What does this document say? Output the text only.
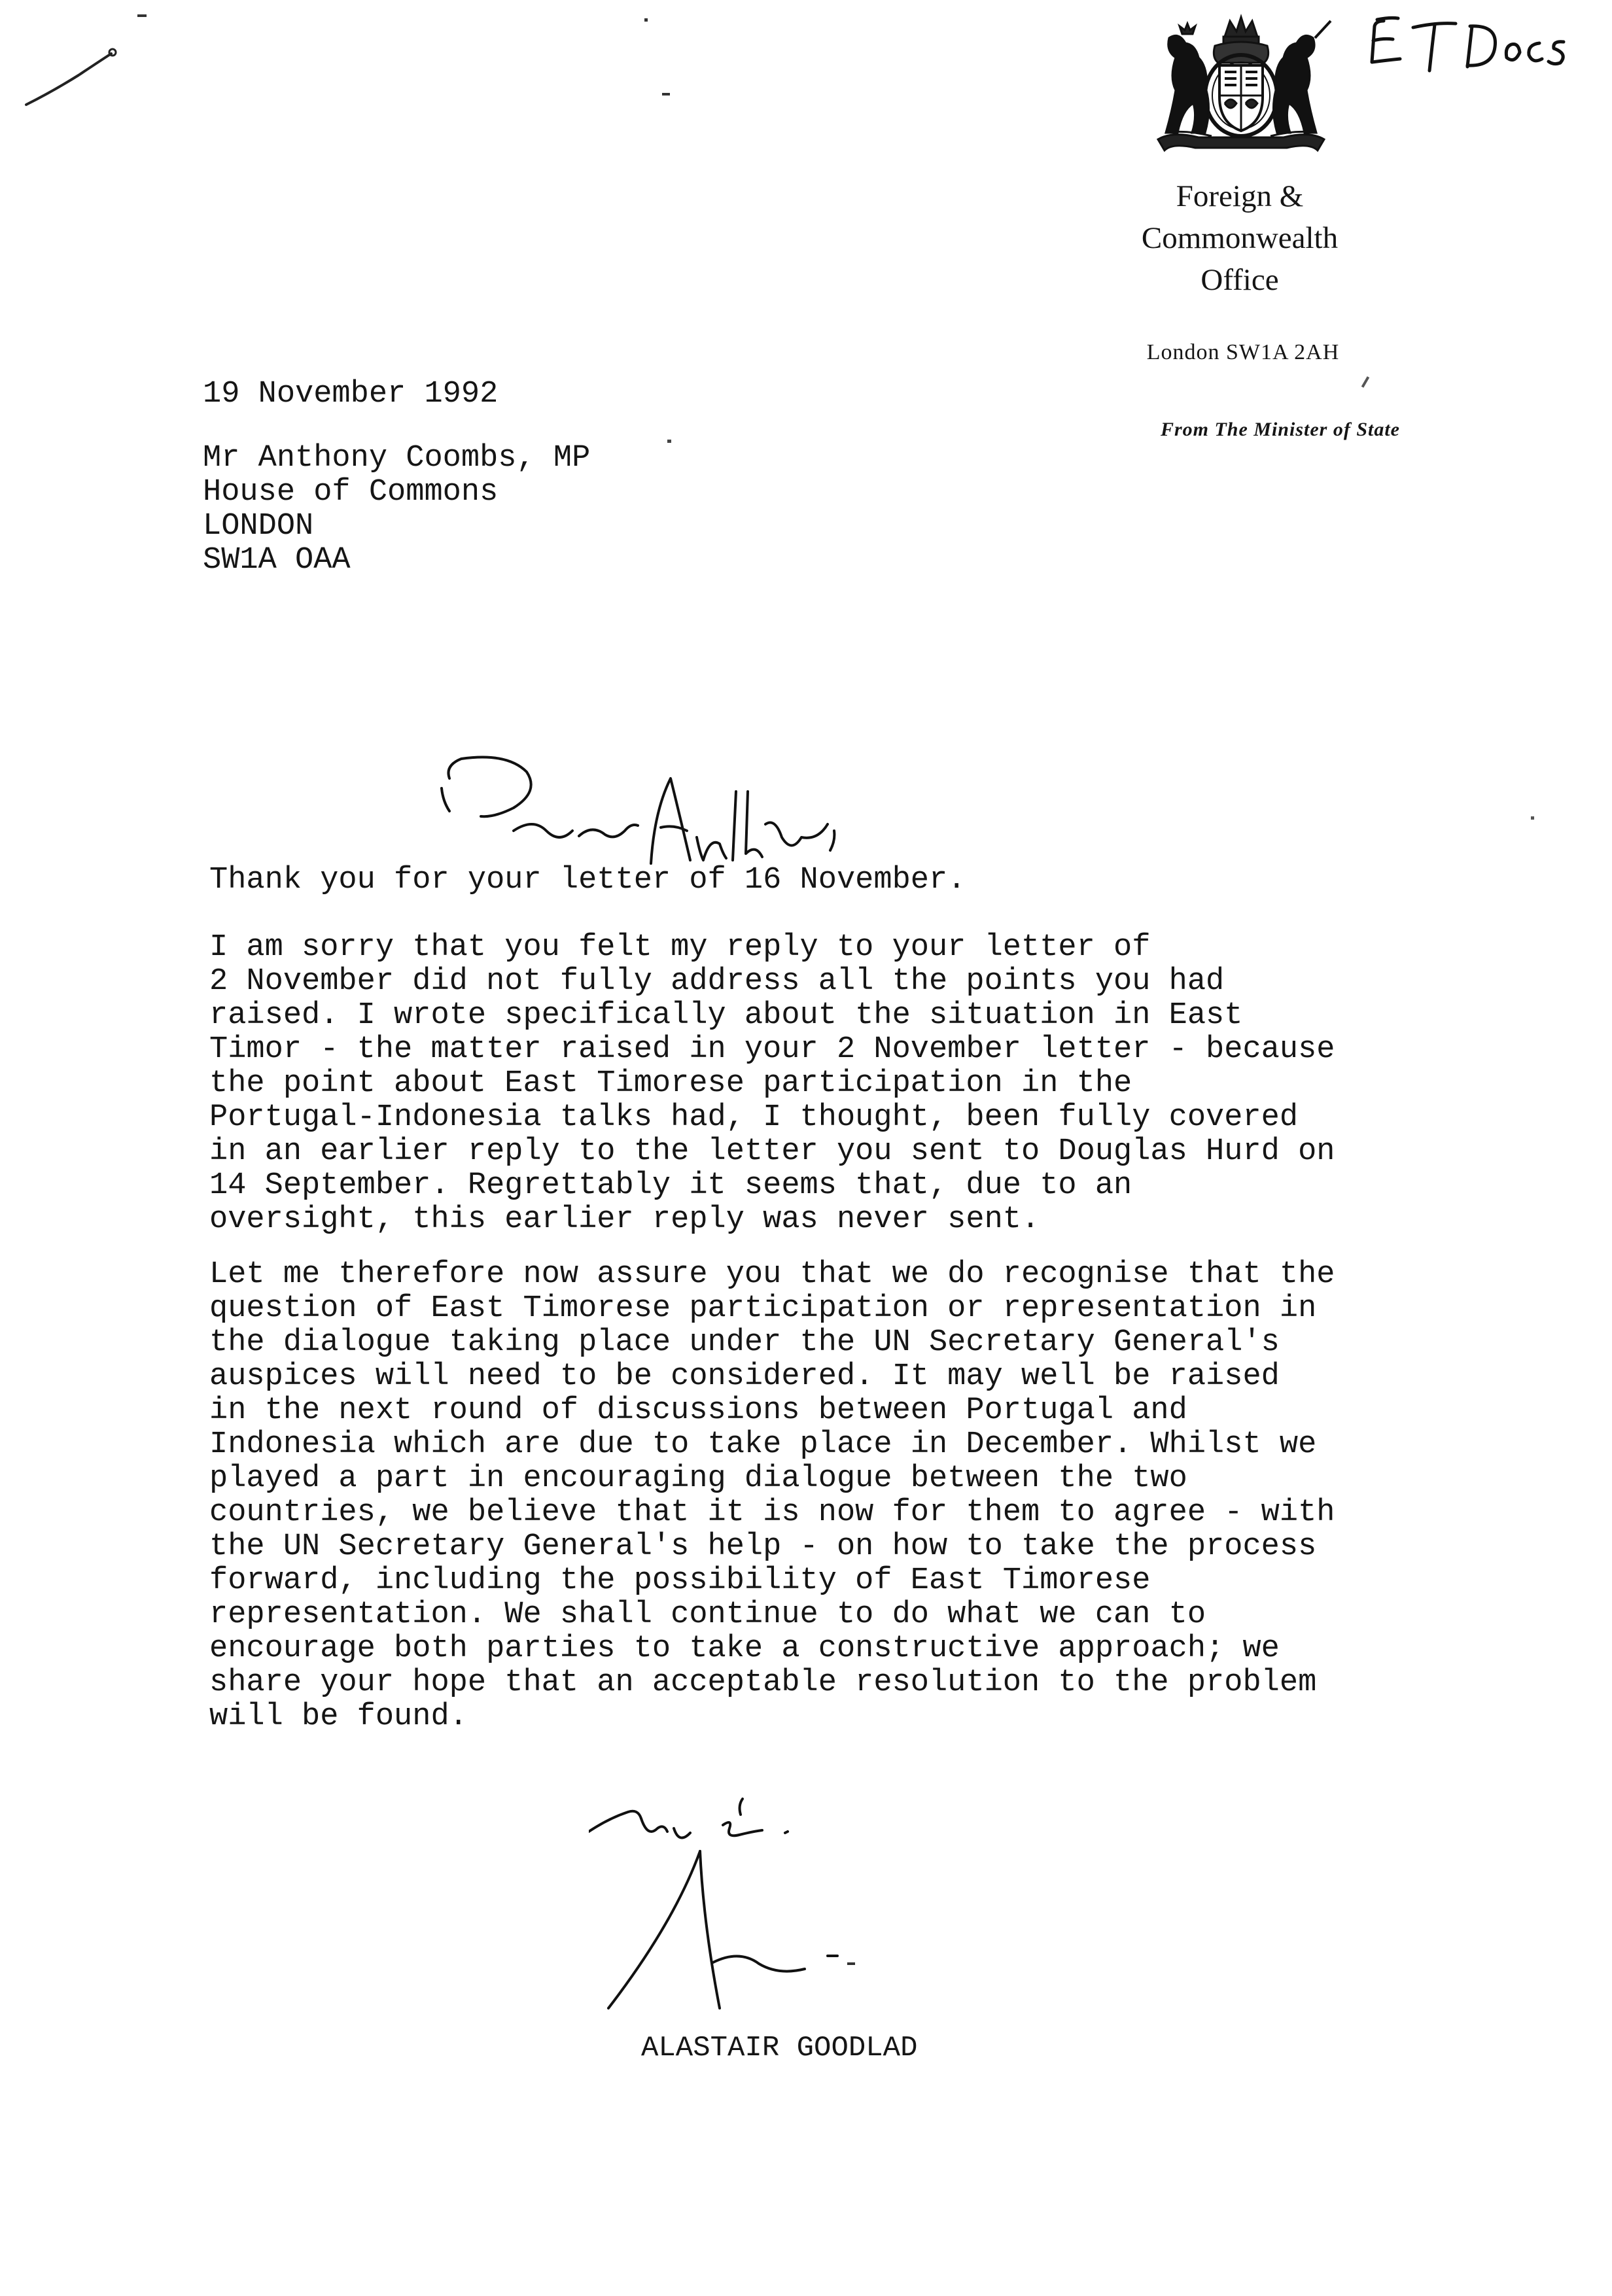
Foreign &
Commonwealth
Office
London SW1A 2AH
From The Minister of State
19 November 1992
Mr Anthony Coombs, MP
House of Commons
LONDON
SW1A OAA
Thank you for your letter of 16 November.
I am sorry that you felt my reply to your letter of
2 November did not fully address all the points you had
raised. I wrote specifically about the situation in East
Timor - the matter raised in your 2 November letter - because
the point about East Timorese participation in the
Portugal-Indonesia talks had, I thought, been fully covered
in an earlier reply to the letter you sent to Douglas Hurd on
14 September. Regrettably it seems that, due to an
oversight, this earlier reply was never sent.
Let me therefore now assure you that we do recognise that the
question of East Timorese participation or representation in
the dialogue taking place under the UN Secretary General's
auspices will need to be considered. It may well be raised
in the next round of discussions between Portugal and
Indonesia which are due to take place in December. Whilst we
played a part in encouraging dialogue between the two
countries, we believe that it is now for them to agree - with
the UN Secretary General's help - on how to take the process
forward, including the possibility of East Timorese
representation. We shall continue to do what we can to
encourage both parties to take a constructive approach; we
share your hope that an acceptable resolution to the problem
will be found.
ALASTAIR GOODLAD
